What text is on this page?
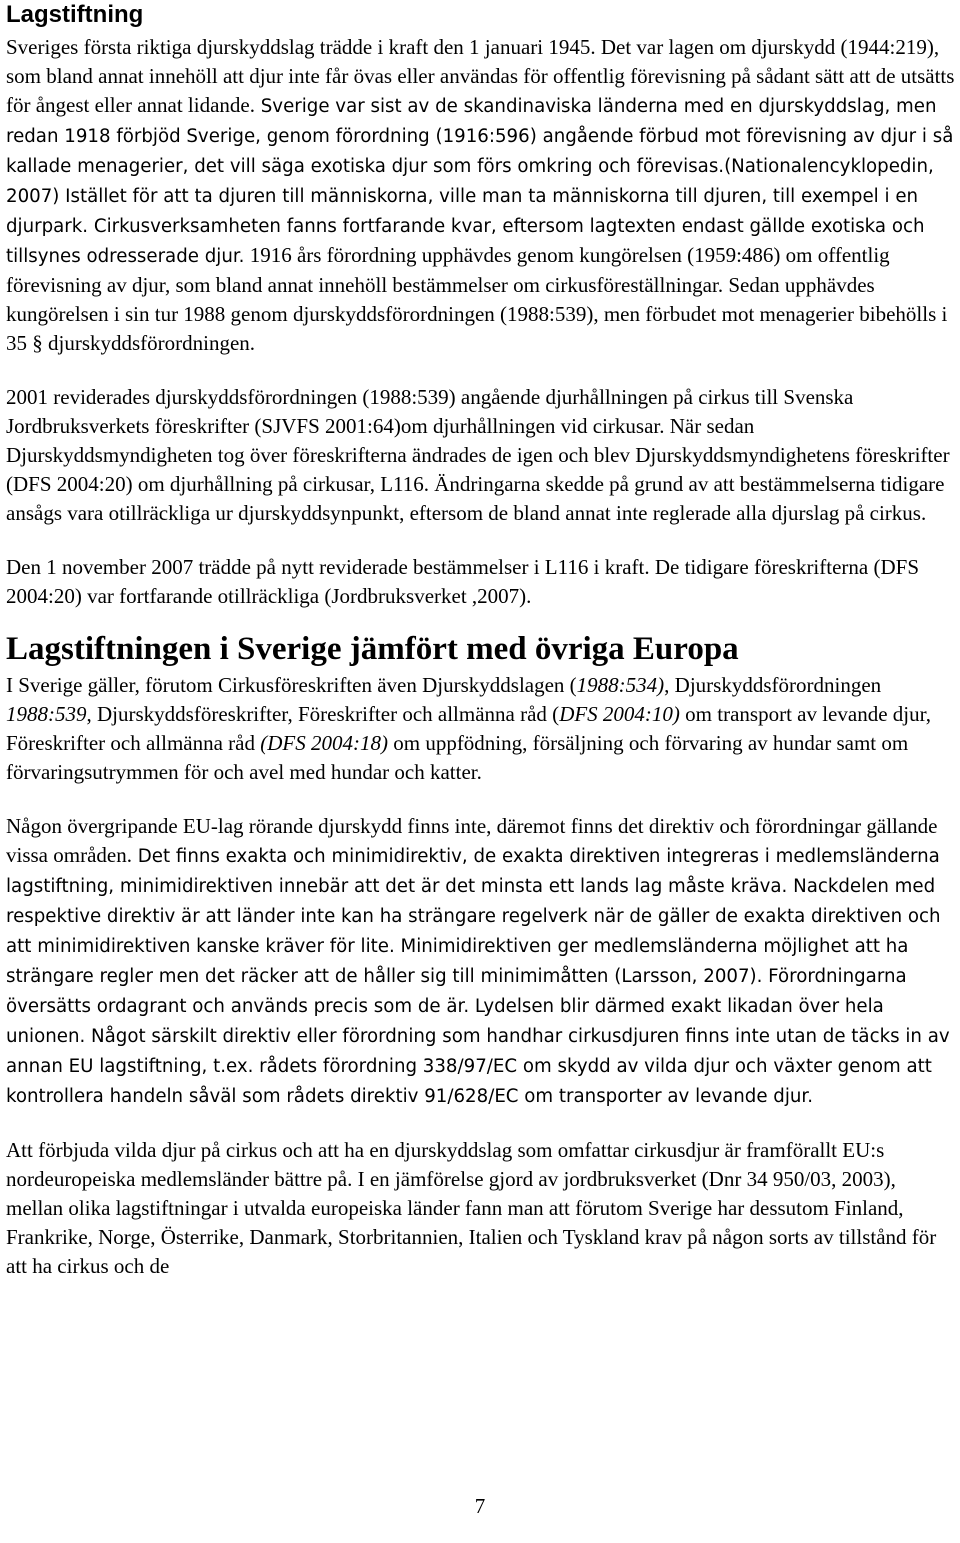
Lagstiftning

Sveriges första riktiga djurskyddslag trädde i kraft den 1 januari 1945. Det var lagen om djurskydd (1944:219), som bland annat innehöll att djur inte får övas eller användas för offentlig förevisning på sådant sätt att de utsätts för ångest eller annat lidande. Sverige var sist av de skandinaviska länderna med en djurskyddslag, men redan 1918 förbjöd Sverige, genom förordning (1916:596) angående förbud mot förevisning av djur i så kallade menagerier, det vill säga exotiska djur som förs omkring och förevisas.(Nationalencyklopedin, 2007) Istället för att ta djuren till människorna, ville man ta människorna till djuren, till exempel i en djurpark. Cirkusverksamheten fanns fortfarande kvar, eftersom lagtexten endast gällde exotiska och tillsynes odresserade djur. 1916 års förordning upphävdes genom kungörelsen (1959:486) om offentlig förevisning av djur, som bland annat innehöll bestämmelser om cirkusföreställningar. Sedan upphävdes kungörelsen i sin tur 1988 genom djurskyddsförordningen (1988:539), men förbudet mot menagerier bibehölls i 35 § djurskyddsförordningen.

2001 reviderades djurskyddsförordningen (1988:539) angående djurhållningen på cirkus till Svenska Jordbruksverkets föreskrifter (SJVFS 2001:64)om djurhållningen vid cirkusar. När sedan Djurskyddsmyndigheten tog över föreskrifterna ändrades de igen och blev Djurskyddsmyndighetens föreskrifter (DFS 2004:20) om djurhållning på cirkusar, L116. Ändringarna skedde på grund av att bestämmelserna tidigare ansågs vara otillräckliga ur djurskyddsynpunkt, eftersom de bland annat inte reglerade alla djurslag på cirkus.

Den 1 november 2007 trädde på nytt reviderade bestämmelser i L116 i kraft. De tidigare föreskrifterna (DFS 2004:20) var fortfarande otillräckliga (Jordbruksverket ,2007).

Lagstiftningen i Sverige jämfört med övriga Europa

I Sverige gäller, förutom Cirkusföreskriften även Djurskyddslagen (1988:534), Djurskyddsförordningen 1988:539, Djurskyddsföreskrifter, Föreskrifter och allmänna råd (DFS 2004:10) om transport av levande djur, Föreskrifter och allmänna råd (DFS 2004:18) om uppfödning, försäljning och förvaring av hundar samt om förvaringsutrymmen för och avel med hundar och katter.

Någon övergripande EU-lag rörande djurskydd finns inte, däremot finns det direktiv och förordningar gällande vissa områden. Det finns exakta och minimidirektiv, de exakta direktiven integreras i medlemsländerna lagstiftning, minimidirektiven innebär att det är det minsta ett lands lag måste kräva. Nackdelen med respektive direktiv är att länder inte kan ha strängare regelverk när de gäller de exakta direktiven och att minimidirektiven kanske kräver för lite. Minimidirektiven ger medlemsländerna möjlighet att ha strängare regler men det räcker att de håller sig till minimimåtten (Larsson, 2007). Förordningarna översätts ordagrant och används precis som de är. Lydelsen blir därmed exakt likadan över hela unionen. Något särskilt direktiv eller förordning som handhar cirkusdjuren finns inte utan de täcks in av annan EU lagstiftning, t.ex. rådets förordning 338/97/EC om skydd av vilda djur och växter genom att kontrollera handeln såväl som rådets direktiv 91/628/EC om transporter av levande djur.

Att förbjuda vilda djur på cirkus och att ha en djurskyddslag som omfattar cirkusdjur är framförallt EU:s nordeuropeiska medlemsländer bättre på. I en jämförelse gjord av jordbruksverket (Dnr 34 950/03, 2003), mellan olika lagstiftningar i utvalda europeiska länder fann man att förutom Sverige har dessutom Finland, Frankrike, Norge, Österrike, Danmark, Storbritannien, Italien och Tyskland krav på någon sorts av tillstånd för att ha cirkus och de

7
